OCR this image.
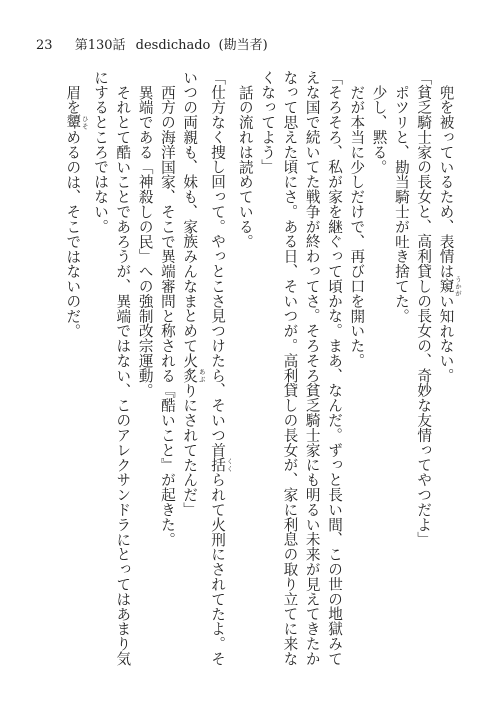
23 第130話 desdichado (勘当者)
兜を被っているため、表情は窺 うかがい知れない。
「貧乏騎士家の長女と、高利貸しの長女の、奇妙な友情ってやつだよ」
ポツリと、勘当騎士が吐き捨てた。
少し、黙る。
だが本当に少しだけで、再び口を開いた。
「そろそろ、私が家を継ぐって頃かな。まあ、なんだ。ずっと長い間、この世の地獄みて
えな国で続いてた戦争が終わってさ。そろそろ貧乏騎士家にも明るい未来が見えてきたか
なって思えた頃にさ。ある日、そいつが。高利貸しの長女が、家に利息の取り立てに来な
くなってよう」
話の流れは読めている。
「仕方なく捜し回って。やっとこさ見つけたら、そいつ首括 くくられて火刑にされてたよ。そ
いつの両親も、妹も、家族みんなまとめて火炙 あぶりにされてたんだ」
西方の海洋国家、そこで異端審問と称される『酷いこと』が起きた。
異端である「神殺しの民」への強制改宗運動。
それとて酷いことであろうが、異端ではない、このアレクサンドラにとってはあまり気
にするところではない。
眉を顰 ひそめるのは、そこではないのだ。
